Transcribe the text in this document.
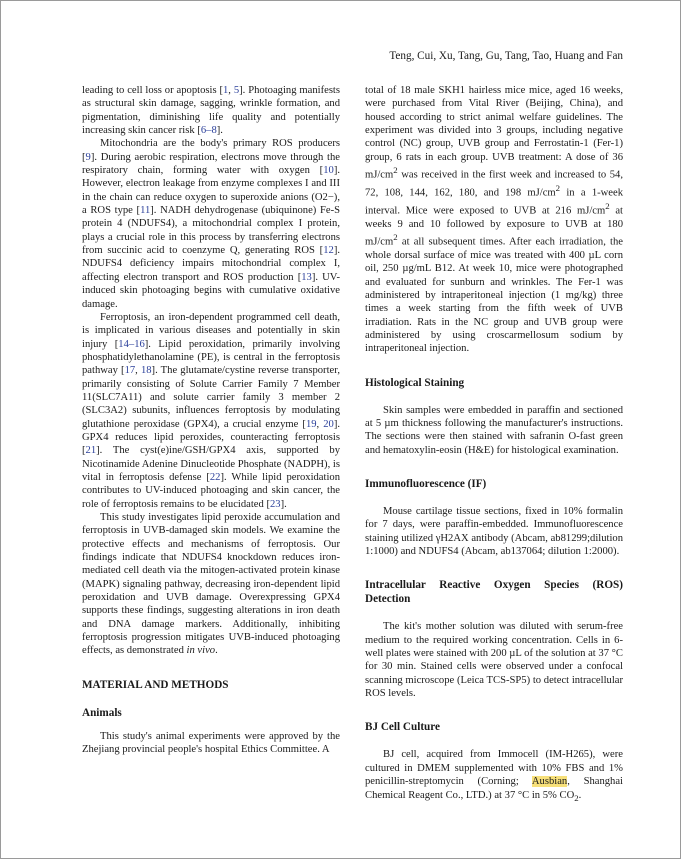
Teng, Cui, Xu, Tang, Gu, Tang, Tao, Huang and Fan

leading to cell loss or apoptosis [1, 5]. Photoaging manifests as structural skin damage, sagging, wrinkle formation, and pigmentation, diminishing life quality and potentially increasing skin cancer risk [6–8].

Mitochondria are the body's primary ROS producers [9]. During aerobic respiration, electrons move through the respiratory chain, forming water with oxygen [10]. However, electron leakage from enzyme complexes I and III in the chain can reduce oxygen to superoxide anions (O2−), a ROS type [11]. NADH dehydrogenase (ubiquinone) Fe-S protein 4 (NDUFS4), a mitochondrial complex I protein, plays a crucial role in this process by transferring electrons from succinic acid to coenzyme Q, generating ROS [12]. NDUFS4 deficiency impairs mitochondrial complex I, affecting electron transport and ROS production [13]. UV-induced skin photoaging begins with cumulative oxidative damage.

Ferroptosis, an iron-dependent programmed cell death, is implicated in various diseases and potentially in skin injury [14–16]. Lipid peroxidation, primarily involving phosphatidylethanolamine (PE), is central in the ferroptosis pathway [17, 18]. The glutamate/cystine reverse transporter, primarily consisting of Solute Carrier Family 7 Member 11(SLC7A11) and solute carrier family 3 member 2 (SLC3A2) subunits, influences ferroptosis by modulating glutathione peroxidase (GPX4), a crucial enzyme [19, 20]. GPX4 reduces lipid peroxides, counteracting ferroptosis [21]. The cyst(e)ine/GSH/GPX4 axis, supported by Nicotinamide Adenine Dinucleotide Phosphate (NADPH), is vital in ferroptosis defense [22]. While lipid peroxidation contributes to UV-induced photoaging and skin cancer, the role of ferroptosis remains to be elucidated [23].

This study investigates lipid peroxide accumulation and ferroptosis in UVB-damaged skin models. We examine the protective effects and mechanisms of ferroptosis. Our findings indicate that NDUFS4 knockdown reduces iron-mediated cell death via the mitogen-activated protein kinase (MAPK) signaling pathway, decreasing iron-dependent lipid peroxidation and UVB damage. Overexpressing GPX4 supports these findings, suggesting alterations in iron death and DNA damage markers. Additionally, inhibiting ferroptosis progression mitigates UVB-induced photoaging effects, as demonstrated in vivo.

MATERIAL AND METHODS
Animals

This study's animal experiments were approved by the Zhejiang provincial people's hospital Ethics Committee. A

total of 18 male SKH1 hairless mice mice, aged 16 weeks, were purchased from Vital River (Beijing, China), and housed according to strict animal welfare guidelines. The experiment was divided into 3 groups, including negative control (NC) group, UVB group and Ferrostatin-1 (Fer-1) group, 6 rats in each group. UVB treatment: A dose of 36 $mJ/cm^2$ was received in the first week and increased to 54, 72, 108, 144, 162, 180, and 198 $mJ/cm^2$ in a 1-week interval. Mice were exposed to UVB at 216 $mJ/cm^2$ at weeks 9 and 10 followed by exposure to UVB at 180 $mJ/cm^2$ at all subsequent times. After each irradiation, the whole dorsal surface of mice was treated with 400 µL corn oil, 250 µg/mL B12. At week 10, mice were photographed and evaluated for sunburn and wrinkles. The Fer-1 was administered by intraperitoneal injection (1 mg/kg) three times a week starting from the fifth week of UVB irradiation. Rats in the NC group and UVB group were administered by using croscarmellosum sodium by intraperitoneal injection.

Histological Staining

Skin samples were embedded in paraffin and sectioned at 5 µm thickness following the manufacturer's instructions. The sections were then stained with safranin O-fast green and hematoxylin-eosin (H&E) for histological examination.

Immunofluorescence (IF)

Mouse cartilage tissue sections, fixed in 10% formalin for 7 days, were paraffin-embedded. Immunofluorescence staining utilized γH2AX antibody (Abcam, ab81299;dilution 1:1000) and NDUFS4 (Abcam, ab137064; dilution 1:2000).

Intracellular Reactive Oxygen Species (ROS) Detection

The kit's mother solution was diluted with serum-free medium to the required working concentration. Cells in 6-well plates were stained with 200 µL of the solution at 37 °C for 30 min. Stained cells were observed under a confocal scanning microscope (Leica TCS-SP5) to detect intracellular ROS levels.

BJ Cell Culture

BJ cell, acquired from Immocell (IM-H265), were cultured in DMEM supplemented with 10% FBS and 1% penicillin-streptomycin (Corning; Ausbian, Shanghai Chemical Reagent Co., LTD.) at 37 °C in 5% $CO_2$.
